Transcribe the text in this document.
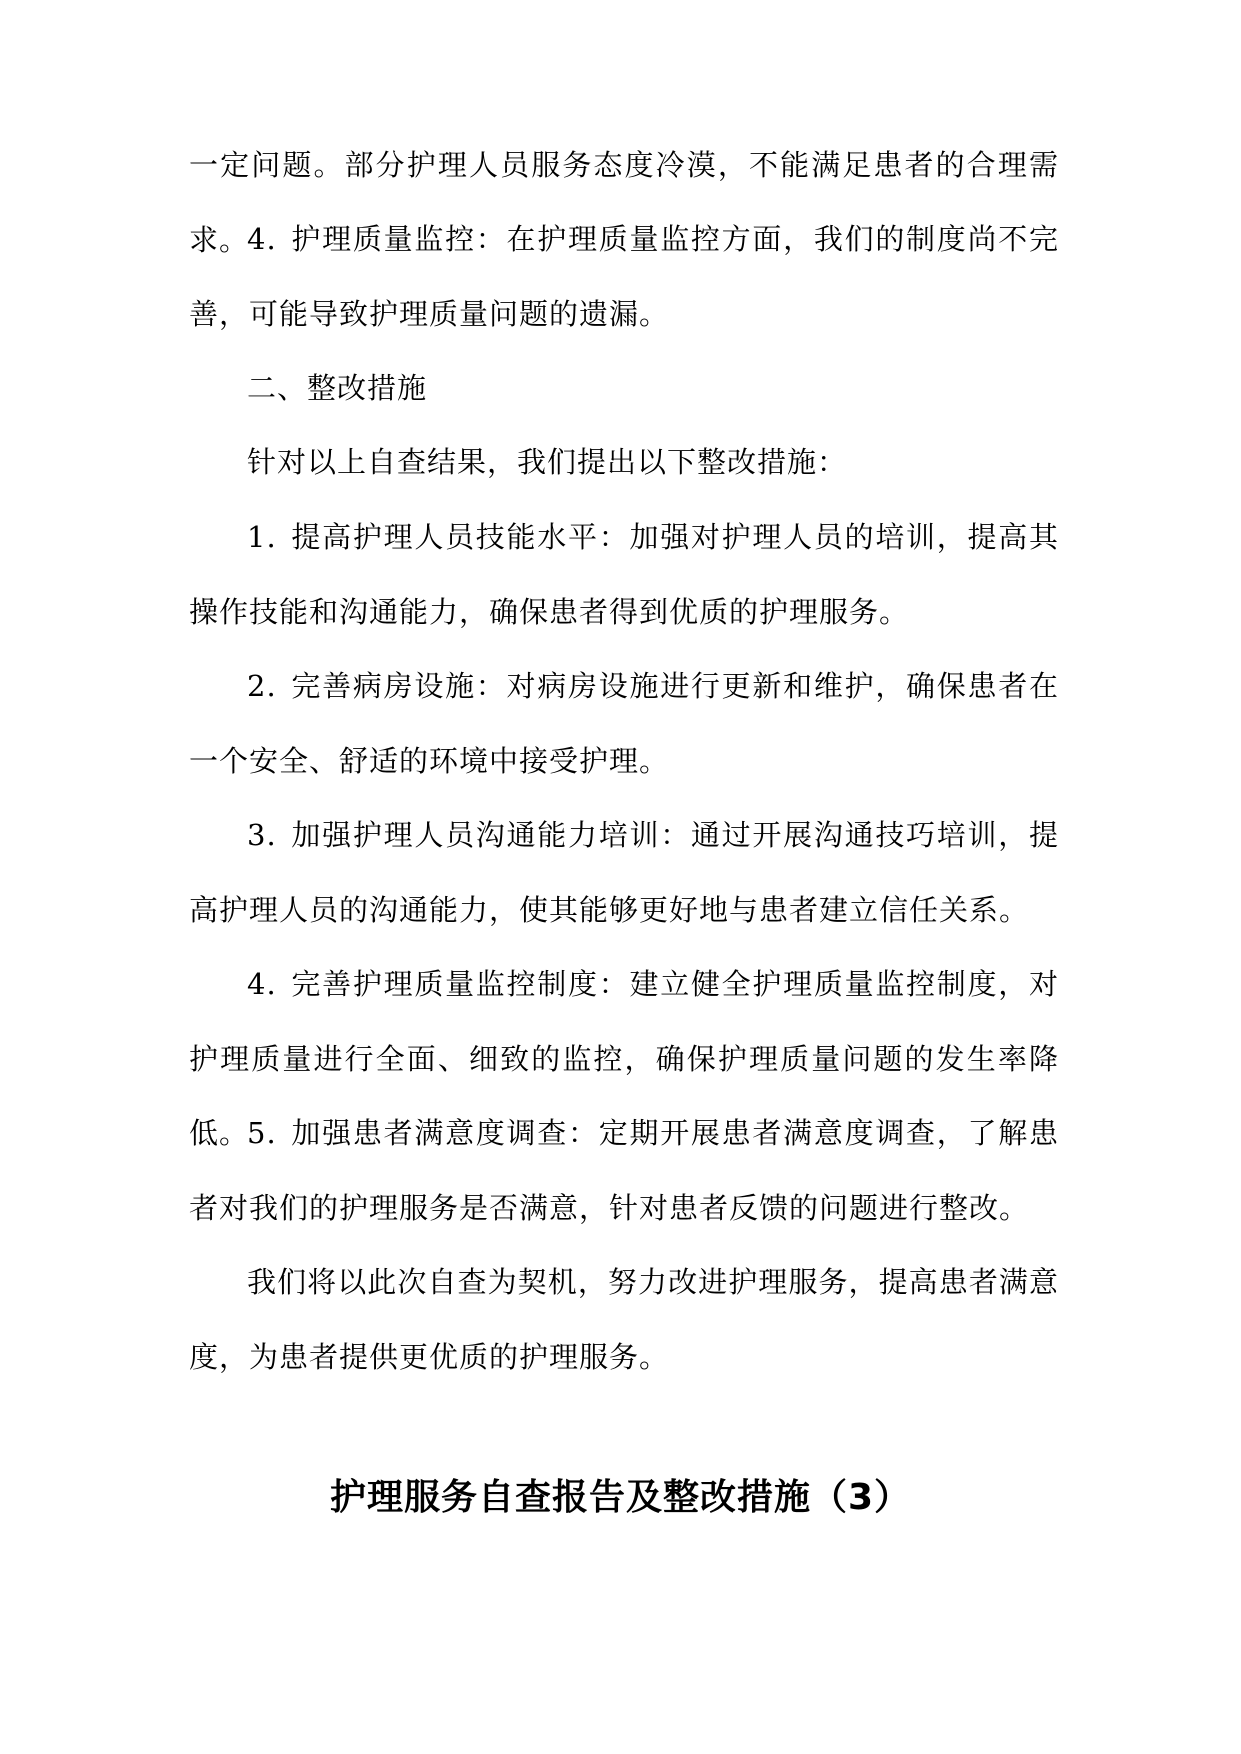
一定问题。部分护理人员服务态度冷漠，不能满足患者的合理需求。

4. 护理质量监控：在护理质量监控方面，我们的制度尚不完善，可能导致护理质量问题的遗漏。

二、整改措施

针对以上自查结果，我们提出以下整改措施：

1. 提高护理人员技能水平：加强对护理人员的培训，提高其操作技能和沟通能力，确保患者得到优质的护理服务。

2. 完善病房设施：对病房设施进行更新和维护，确保患者在一个安全、舒适的环境中接受护理。

3. 加强护理人员沟通能力培训：通过开展沟通技巧培训，提高护理人员的沟通能力，使其能够更好地与患者建立信任关系。

4. 完善护理质量监控制度：建立健全护理质量监控制度，对护理质量进行全面、细致的监控，确保护理质量问题的发生率降低。

5. 加强患者满意度调查：定期开展患者满意度调查，了解患者对我们的护理服务是否满意，针对患者反馈的问题进行整改。

我们将以此次自查为契机，努力改进护理服务，提高患者满意度，为患者提供更优质的护理服务。

护理服务自查报告及整改措施（3）
